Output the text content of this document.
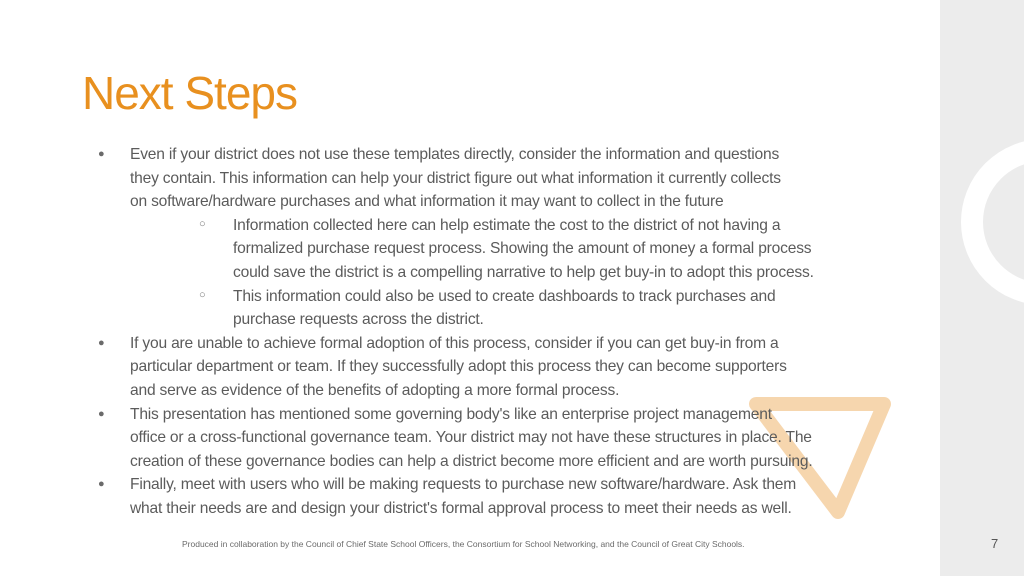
Next Steps
● Even if your district does not use these templates directly, consider the information and questions
they contain. This information can help your district figure out what information it currently collects
on software/hardware purchases and what information it may want to collect in the future
○ Information collected here can help estimate the cost to the district of not having a
formalized purchase request process. Showing the amount of money a formal process
could save the district is a compelling narrative to help get buy-in to adopt this process.
○ This information could also be used to create dashboards to track purchases and
purchase requests across the district.
● If you are unable to achieve formal adoption of this process, consider if you can get buy-in from a
particular department or team. If they successfully adopt this process they can become supporters
and serve as evidence of the benefits of adopting a more formal process.
● This presentation has mentioned some governing body's like an enterprise project management
office or a cross-functional governance team. Your district may not have these structures in place. The
creation of these governance bodies can help a district become more efficient and are worth pursuing.
● Finally, meet with users who will be making requests to purchase new software/hardware. Ask them
what their needs are and design your district's formal approval process to meet their needs as well.
Produced in collaboration by the Council of Chief State School Officers, the Consortium for School Networking, and the Council of Great City Schools.	7
